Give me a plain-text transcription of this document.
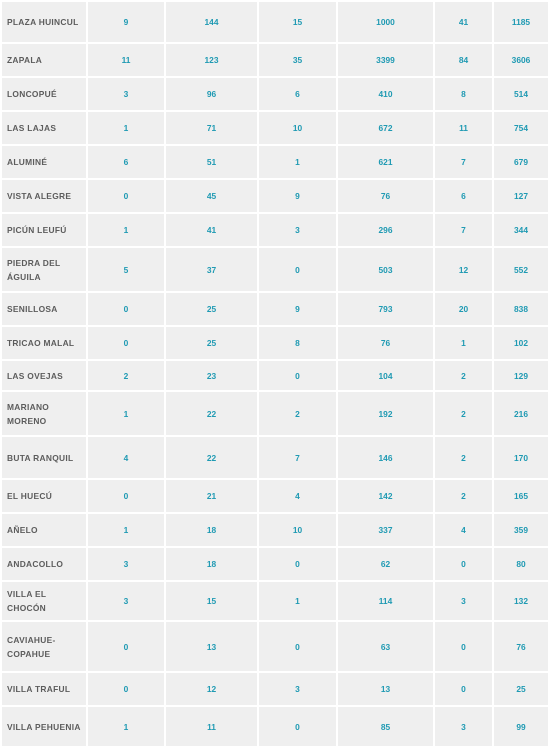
PLAZA HUINCUL	9	144	15	1000	41	1185
ZAPALA	11	123	35	3399	84	3606
LONCOPUÉ	3	96	6	410	8	514
LAS LAJAS	1	71	10	672	11	754
ALUMINÉ	6	51	1	621	7	679
VISTA ALEGRE	0	45	9	76	6	127
PICÚN LEUFÚ	1	41	3	296	7	344
PIEDRA DEL ÁGUILA	5	37	0	503	12	552
SENILLOSA	0	25	9	793	20	838
TRICAO MALAL	0	25	8	76	1	102
LAS OVEJAS	2	23	0	104	2	129
MARIANO MORENO	1	22	2	192	2	216
BUTA RANQUIL	4	22	7	146	2	170
EL HUECÚ	0	21	4	142	2	165
AÑELO	1	18	10	337	4	359
ANDACOLLO	3	18	0	62	0	80
VILLA EL CHOCÓN	3	15	1	114	3	132
CAVIAHUE-COPAHUE	0	13	0	63	0	76
VILLA TRAFUL	0	12	3	13	0	25
VILLA PEHUENIA	1	11	0	85	3	99
